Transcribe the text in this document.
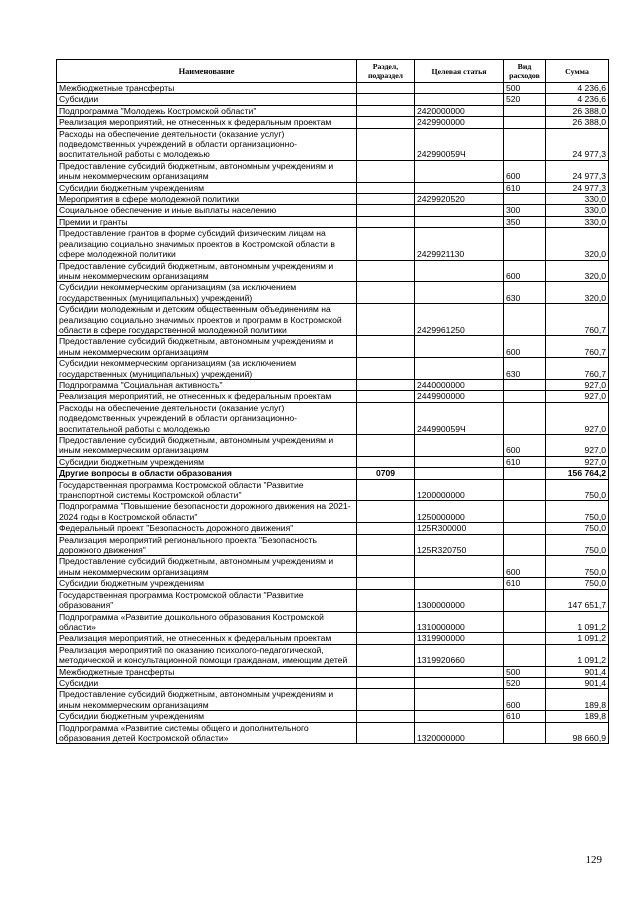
Наименование	Раздел, подраздел	Целевая статья	Вид расходов	Сумма
Межбюджетные трансферты			500	4 236,6
Субсидии			520	4 236,6
Подпрограмма "Молодежь Костромской области"		2420000000		26 388,0
Реализация мероприятий, не отнесенных к федеральным проектам		2429900000		26 388,0
Расходы на обеспечение деятельности (оказание услуг) подведомственных учреждений в области организационно-воспитательной работы с молодежью		242990059Ч		24 977,3
Предоставление субсидий бюджетным, автономным учреждениям и иным некоммерческим организациям			600	24 977,3
Субсидии бюджетным учреждениям			610	24 977,3
Мероприятия в сфере молодежной политики		2429920520		330,0
Социальное обеспечение и иные выплаты населению			300	330,0
Премии и гранты			350	330,0
Предоставление грантов в форме субсидий физическим лицам на реализацию социально значимых проектов в Костромской области в сфере молодежной политики		2429921130		320,0
Предоставление субсидий бюджетным, автономным учреждениям и иным некоммерческим организациям			600	320,0
Субсидии некоммерческим организациям (за исключением государственных (муниципальных) учреждений)			630	320,0
Субсидии молодежным и детским общественным объединениям на реализацию социально значимых проектов и программ в Костромской области в сфере государственной молодежной политики		2429961250		760,7
Предоставление субсидий бюджетным, автономным учреждениям и иным некоммерческим организациям			600	760,7
Субсидии некоммерческим организациям (за исключением государственных (муниципальных) учреждений)			630	760,7
Подпрограмма "Социальная активность"		2440000000		927,0
Реализация мероприятий, не отнесенных к федеральным проектам		2449900000		927,0
Расходы на обеспечение деятельности (оказание услуг) подведомственных учреждений в области организационно-воспитательной работы с молодежью		244990059Ч		927,0
Предоставление субсидий бюджетным, автономным учреждениям и иным некоммерческим организациям			600	927,0
Субсидии бюджетным учреждениям			610	927,0
Другие вопросы в области образования	0709			156 764,2
Государственная программа Костромской области "Развитие транспортной системы Костромской области"		1200000000		750,0
Подпрограмма "Повышение безопасности дорожного движения на 2021-2024 годы в Костромской области"		1250000000		750,0
Федеральный проект "Безопасность дорожного движения"		125R300000		750,0
Реализация мероприятий регионального проекта "Безопасность дорожного движения"		125R320750		750,0
Предоставление субсидий бюджетным, автономным учреждениям и иным некоммерческим организациям			600	750,0
Субсидии бюджетным учреждениям			610	750,0
Государственная программа Костромской области "Развитие образования"		1300000000		147 651,7
Подпрограмма «Развитие дошкольного образования Костромской области»		1310000000		1 091,2
Реализация мероприятий, не отнесенных к федеральным проектам		1319900000		1 091,2
Реализация мероприятий по оказанию психолого-педагогической, методической и консультационной помощи гражданам, имеющим детей		1319920660		1 091,2
Межбюджетные трансферты			500	901,4
Субсидии			520	901,4
Предоставление субсидий бюджетным, автономным учреждениям и иным некоммерческим организациям			600	189,8
Субсидии бюджетным учреждениям			610	189,8
Подпрограмма «Развитие системы общего и дополнительного образования детей Костромской области»		1320000000		98 660,9
129
